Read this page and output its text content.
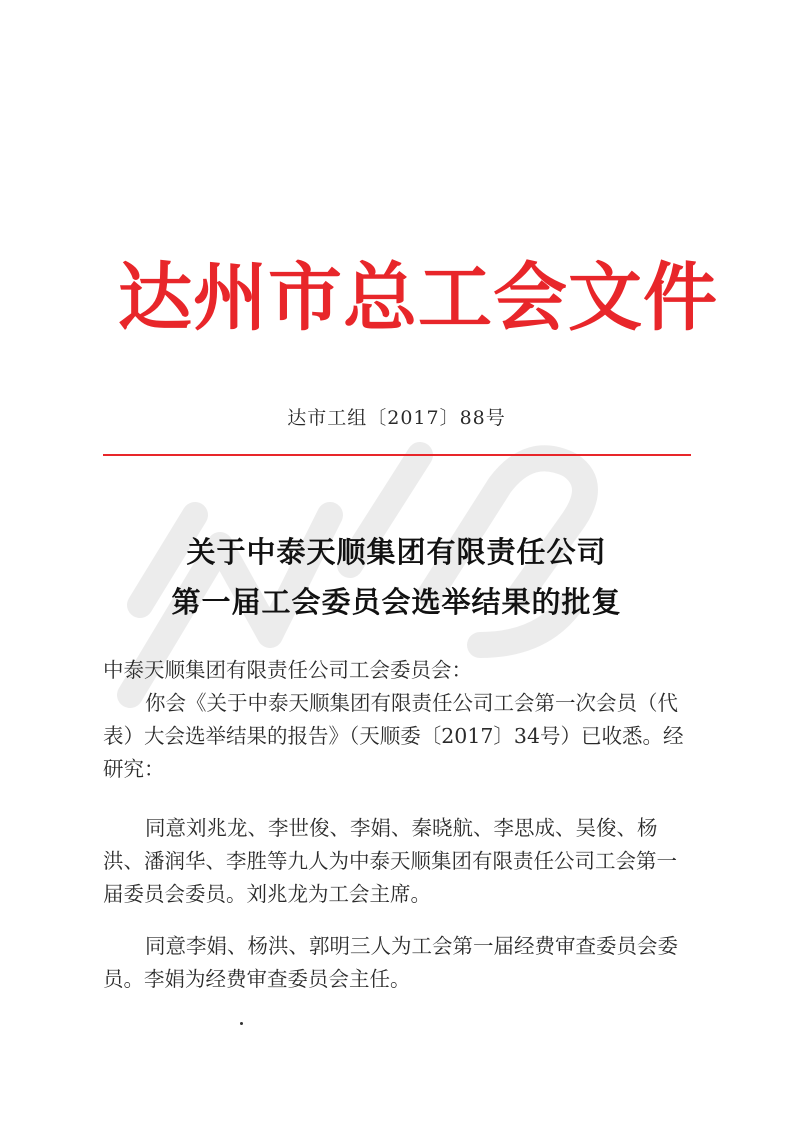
达州市总工会文件
达市工组〔2017〕88号
关于中泰天顺集团有限责任公司
第一届工会委员会选举结果的批复
中泰天顺集团有限责任公司工会委员会：
你会《关于中泰天顺集团有限责任公司工会第一次会员（代表）大会选举结果的报告》（天顺委〔2017〕34号）已收悉。经研究：
同意刘兆龙、李世俊、李娟、秦晓航、李思成、吴俊、杨洪、潘润华、李胜等九人为中泰天顺集团有限责任公司工会第一届委员会委员。刘兆龙为工会主席。
同意李娟、杨洪、郭明三人为工会第一届经费审查委员会委员。李娟为经费审查委员会主任。
